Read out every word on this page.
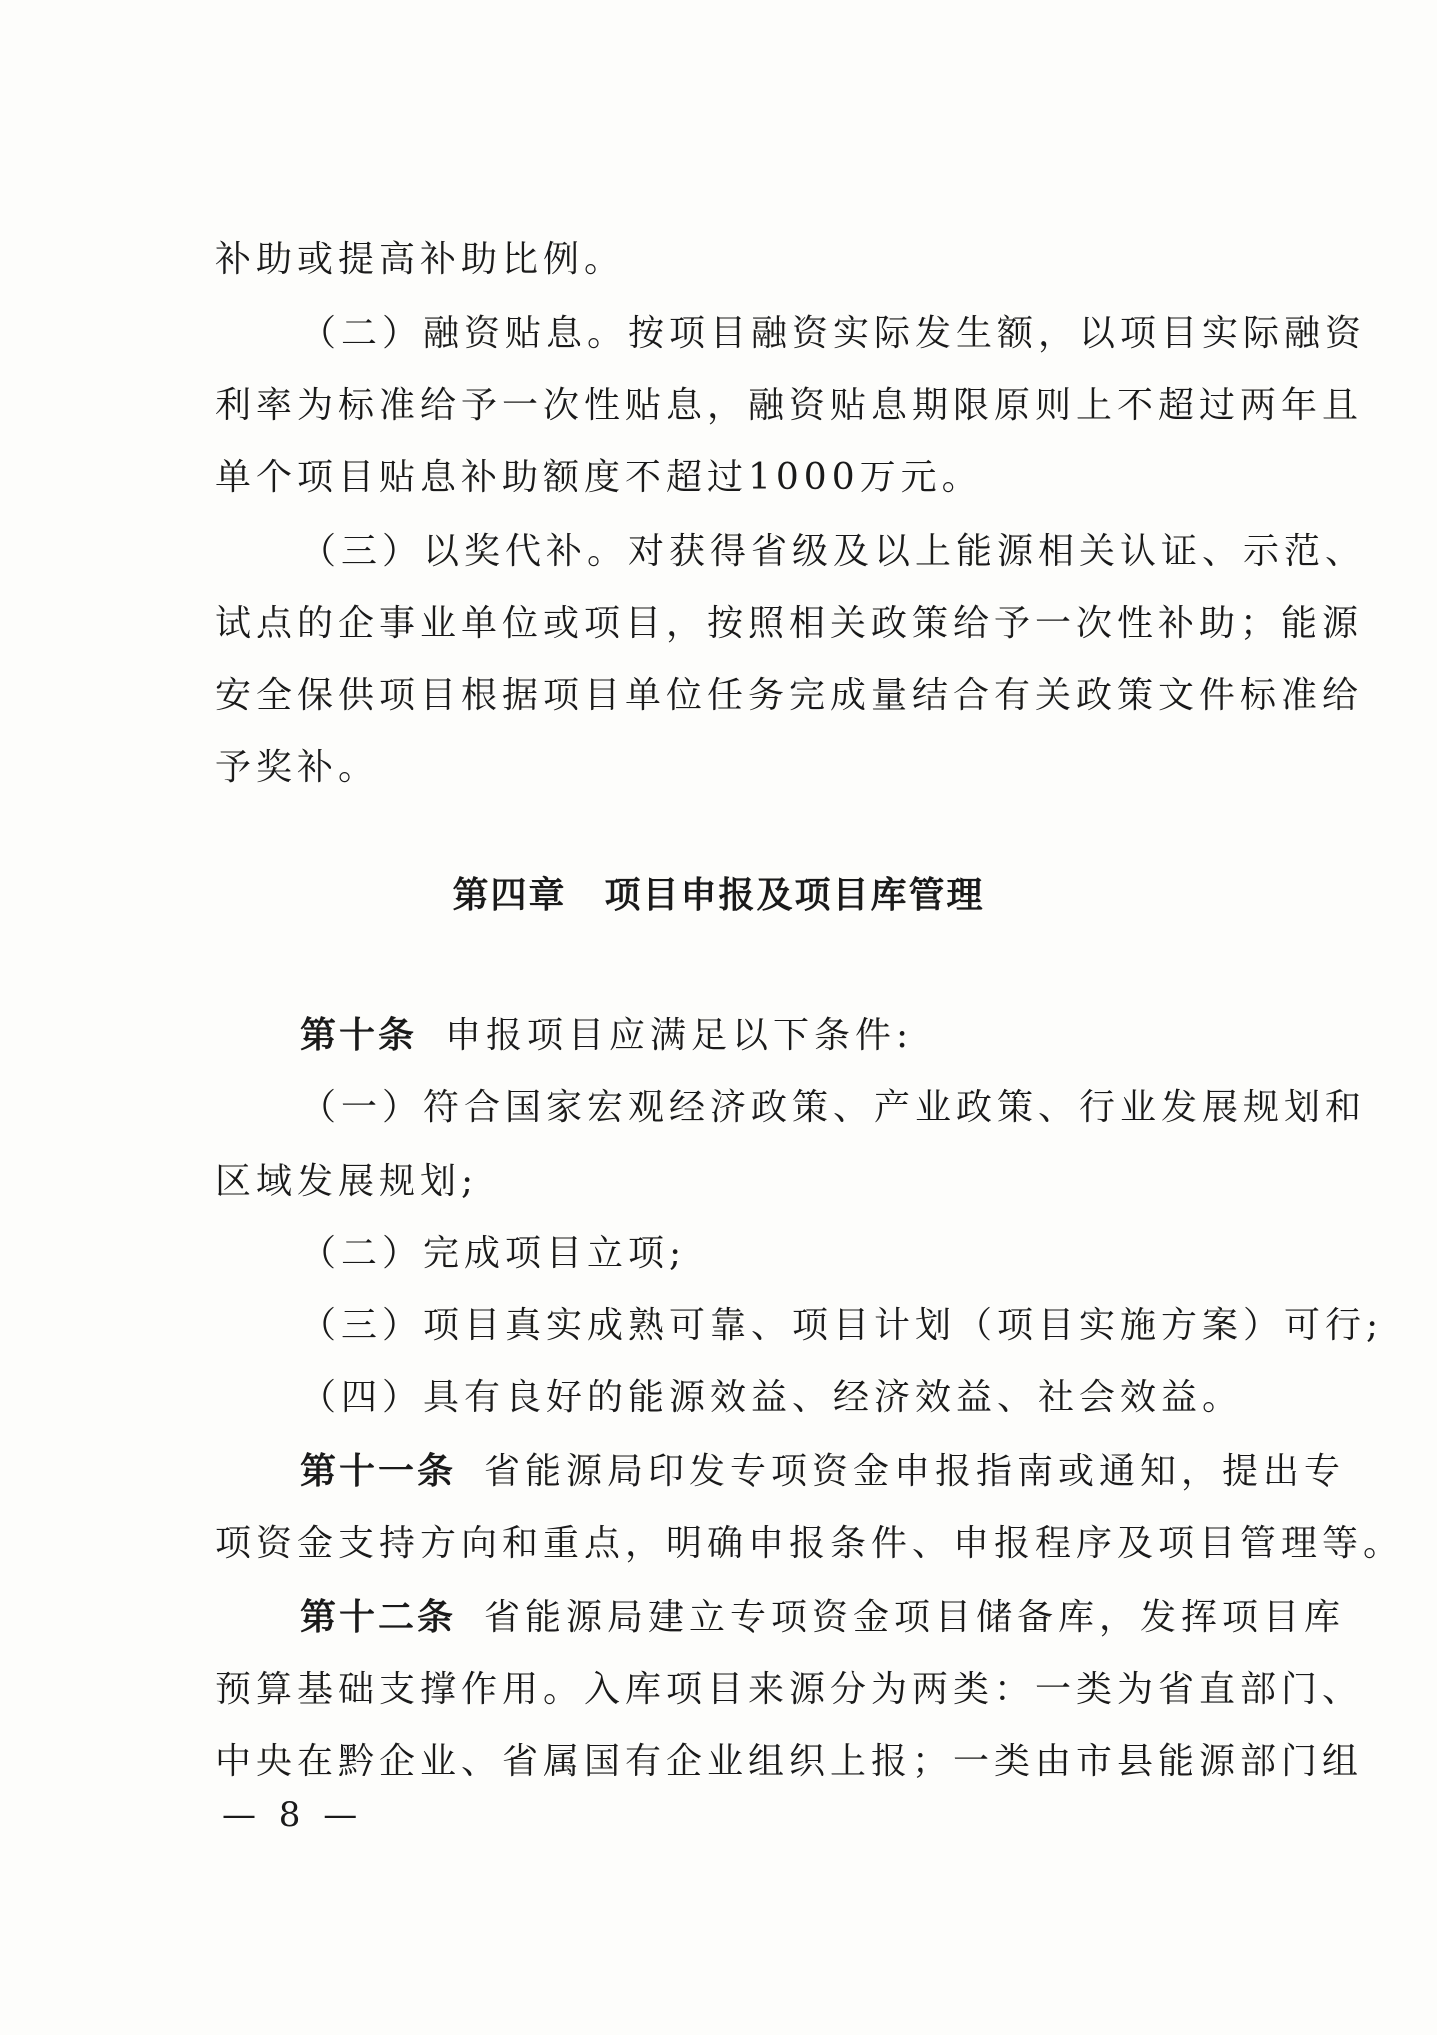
补助或提高补助比例。
（二）融资贴息。按项目融资实际发生额，以项目实际融资
利率为标准给予一次性贴息，融资贴息期限原则上不超过两年且
单个项目贴息补助额度不超过1000万元。
（三）以奖代补。对获得省级及以上能源相关认证、示范、
试点的企事业单位或项目，按照相关政策给予一次性补助；能源
安全保供项目根据项目单位任务完成量结合有关政策文件标准给
予奖补。
第四章　项目申报及项目库管理
第十条 申报项目应满足以下条件:
（一）符合国家宏观经济政策、产业政策、行业发展规划和
区域发展规划;
（二）完成项目立项;
（三）项目真实成熟可靠、项目计划（项目实施方案）可行;
（四）具有良好的能源效益、经济效益、社会效益。
第十一条 省能源局印发专项资金申报指南或通知，提出专
项资金支持方向和重点，明确申报条件、申报程序及项目管理等。
第十二条 省能源局建立专项资金项目储备库，发挥项目库
预算基础支撑作用。入库项目来源分为两类：一类为省直部门、
中央在黔企业、省属国有企业组织上报；一类由市县能源部门组
— 8 —
